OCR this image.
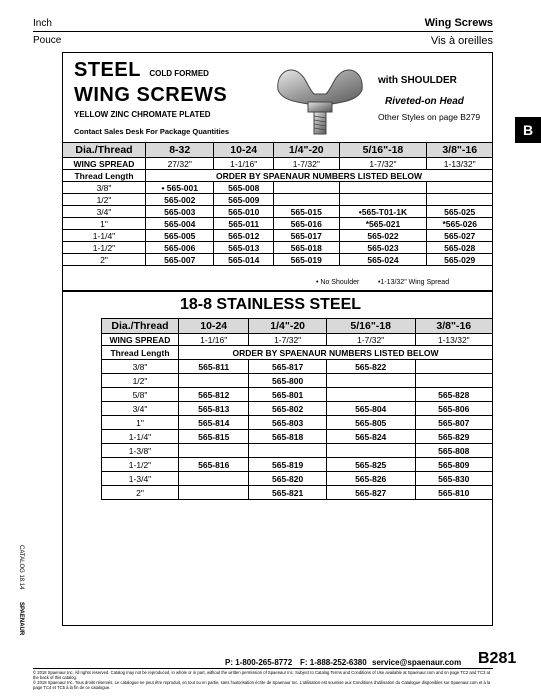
Inch	Wing Screws
Pouce	Vis à oreilles
B
STEEL COLD FORMED
WING SCREWS
YELLOW ZINC CHROMATE PLATED
Contact Sales Desk For Package Quantities
with SHOULDER
Riveted-on Head
Other Styles on page B279
Dia./Thread	8-32	10-24	1/4"-20	5/16"-18	3/8"-16
WING SPREAD	27/32"	1-1/16"	1-7/32"	1-7/32"	1-13/32"
Thread Length	ORDER BY SPAENAUR NUMBERS LISTED BELOW				
3/8"	• 565-001	565-008			
1/2"	565-002	565-009			
3/4"	565-003	565-010	565-015	•565-T01-1K	565-025
1"	565-004	565-011	565-016	*565-021	*565-026
1-1/4"	565-005	565-012	565-017	565-022	565-027
1-1/2"	565-006	565-013	565-018	565-023	565-028
2"	565-007	565-014	565-019	565-024	565-029
• No Shoulder	•1-13/32" Wing Spread
18-8 STAINLESS STEEL
Dia./Thread	10-24	1/4"-20	5/16"-18	3/8"-16
WING SPREAD	1-1/16"	1-7/32"	1-7/32"	1-13/32"
Thread Length	ORDER BY SPAENAUR NUMBERS LISTED BELOW			
3/8"	565-811	565-817	565-822	
1/2"		565-800		
5/8"	565-812	565-801		565-828
3/4"	565-813	565-802	565-804	565-806
1"	565-814	565-803	565-805	565-807
1-1/4"	565-815	565-818	565-824	565-829
1-3/8"				565-808
1-1/2"	565-816	565-819	565-825	565-809
1-3/4"		565-820	565-826	565-830
2"		565-821	565-827	565-810
CATALOG 18.14
SPAENAUR
P: 1-800-265-8772 F: 1-888-252-6380 service@spaenaur.com B281
© 2018 Spaenaur Inc. All rights reserved. Catalog may not be reproduced, in whole or in part, without the written permission of Spaenaur Inc. Subject to Catalog Terms and Conditions of Use available at Spaenaur.com and on page TC2 and TC3 at the back of this catalog.
© 2018 Spaenaur Inc. Tous droits réservés. Le catalogue ne peut être reproduit, en tout ou en partie, sans l'autorisation écrite de Spaenaur Inc. L'utilisation est soumise aux Conditions d'utilisation du Catalogue disponibles sur Spaenaur.com et à la page TC4 et TC5 à la fin de ce catalogue.
